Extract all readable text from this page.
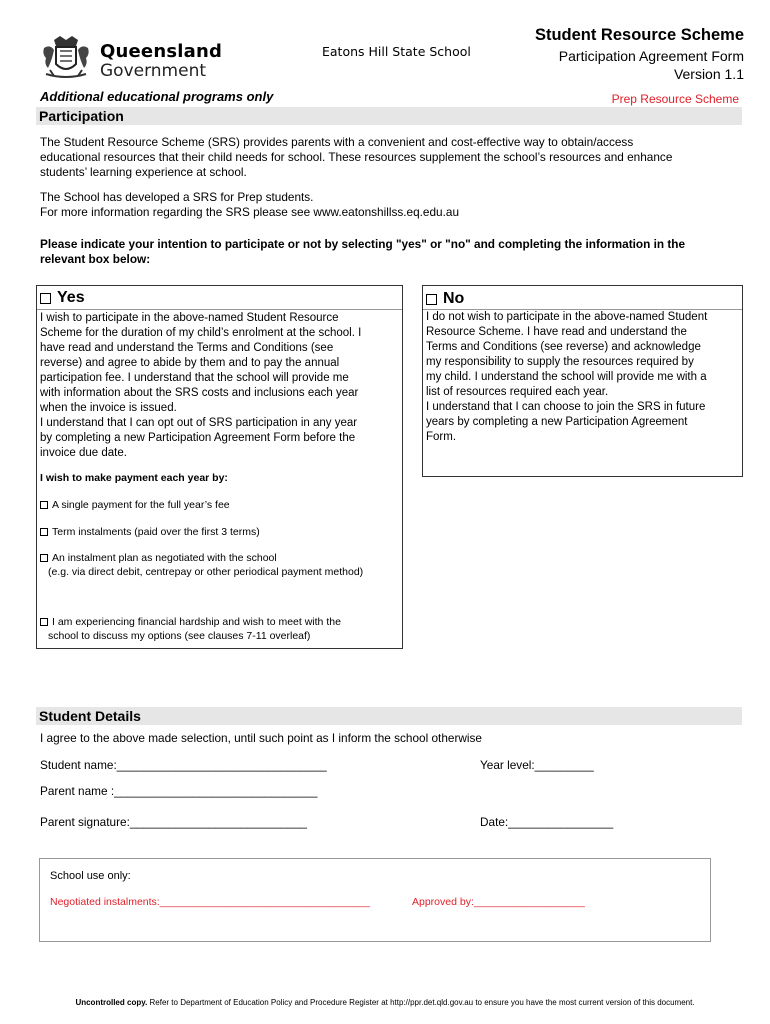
Queensland
Government
Eatons Hill State School
Student Resource Scheme
Participation Agreement Form
Version 1.1
Additional educational programs only	Prep Resource Scheme
Participation
The Student Resource Scheme (SRS) provides parents with a convenient and cost-effective way to obtain/access
educational resources that their child needs for school. These resources supplement the school’s resources and enhance
students’ learning experience at school.
The School has developed a SRS for Prep students.
For more information regarding the SRS please see www.eatonshillss.eq.edu.au
Please indicate your intention to participate or not by selecting "yes" or "no" and completing the information in the
relevant box below:
Yes
I wish to participate in the above-named Student Resource
Scheme for the duration of my child’s enrolment at the school. I
have read and understand the Terms and Conditions (see
reverse) and agree to abide by them and to pay the annual
participation fee. I understand that the school will provide me
with information about the SRS costs and inclusions each year
when the invoice is issued.
I understand that I can opt out of SRS participation in any year
by completing a new Participation Agreement Form before the
invoice due date.
I wish to make payment each year by:
A single payment for the full year’s fee
Term instalments (paid over the first 3 terms)
An instalment plan as negotiated with the school
(e.g. via direct debit, centrepay or other periodical payment method)
I am experiencing financial hardship and wish to meet with the
school to discuss my options (see clauses 7-11 overleaf)
No
I do not wish to participate in the above-named Student
Resource Scheme. I have read and understand the
Terms and Conditions (see reverse) and acknowledge
my responsibility to supply the resources required by
my child. I understand the school will provide me with a
list of resources required each year.
I understand that I can choose to join the SRS in future
years by completing a new Participation Agreement
Form.
Student Details
I agree to the above made selection, until such point as I inform the school otherwise
Student name:________________________________	Year level:_________
Parent name :_______________________________
Parent signature:___________________________	Date:________________
School use only:
Negotiated instalments:____________________________________	Approved by:___________________
Uncontrolled copy. Refer to Department of Education Policy and Procedure Register at http://ppr.det.qld.gov.au to ensure you have the most current version of this document.
